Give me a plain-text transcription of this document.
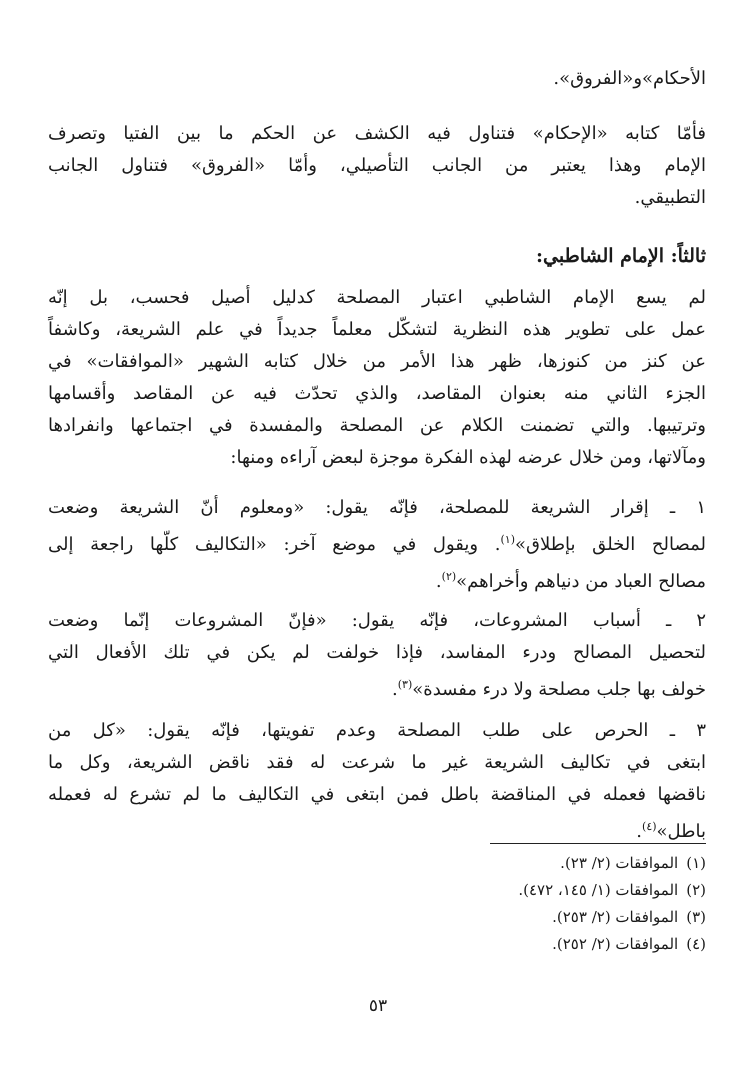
الأحكام»و«الفروق».
فأمّا كتابه «الإحكام» فتناول فيه الكشف عن الحكم ما بين الفتيا وتصرف
الإمام وهذا يعتبر من الجانب التأصيلي، وأمّا «الفروق» فتناول الجانب
التطبيقي.
ثالثاً: الإمام الشاطبي:
لم يسع الإمام الشاطبي اعتبار المصلحة كدليل أصيل فحسب، بل إنّه
عمل على تطوير هذه النظرية لتشكّل معلماً جديداً في علم الشريعة، وكاشفاً
عن كنز من كنوزها، ظهر هذا الأمر من خلال كتابه الشهير «الموافقات» في
الجزء الثاني منه بعنوان المقاصد، والذي تحدّث فيه عن المقاصد وأقسامها
وترتيبها. والتي تضمنت الكلام عن المصلحة والمفسدة في اجتماعها وانفرادها
ومآلاتها، ومن خلال عرضه لهذه الفكرة موجزة لبعض آراءه ومنها:
١ ـ إقرار الشريعة للمصلحة، فإنّه يقول: «ومعلوم أنّ الشريعة وضعت
لمصالح الخلق بإطلاق»$^{(١)}$. ويقول في موضع آخر: «التكاليف كلّها راجعة إلى
مصالح العباد من دنياهم وأخراهم»$^{(٢)}$.
٢ ـ أسباب المشروعات، فإنّه يقول: «فإنّ المشروعات إنّما وضعت
لتحصيل المصالح ودرء المفاسد، فإذا خولفت لم يكن في تلك الأفعال التي
خولف بها جلب مصلحة ولا درء مفسدة»$^{(٣)}$.
٣ ـ الحرص على طلب المصلحة وعدم تفويتها، فإنّه يقول: «كل من
ابتغى في تكاليف الشريعة غير ما شرعت له فقد ناقض الشريعة، وكل ما
ناقضها فعمله في المناقضة باطل فمن ابتغى في التكاليف ما لم تشرع له فعمله
باطل»$^{(٤)}$.
(١)الموافقات (٢/ ٢٣).
(٢)الموافقات (١/ ١٤٥، ٤٧٢).
(٣)الموافقات (٢/ ٢٥٣).
(٤)الموافقات (٢/ ٢٥٢).
٥٣
